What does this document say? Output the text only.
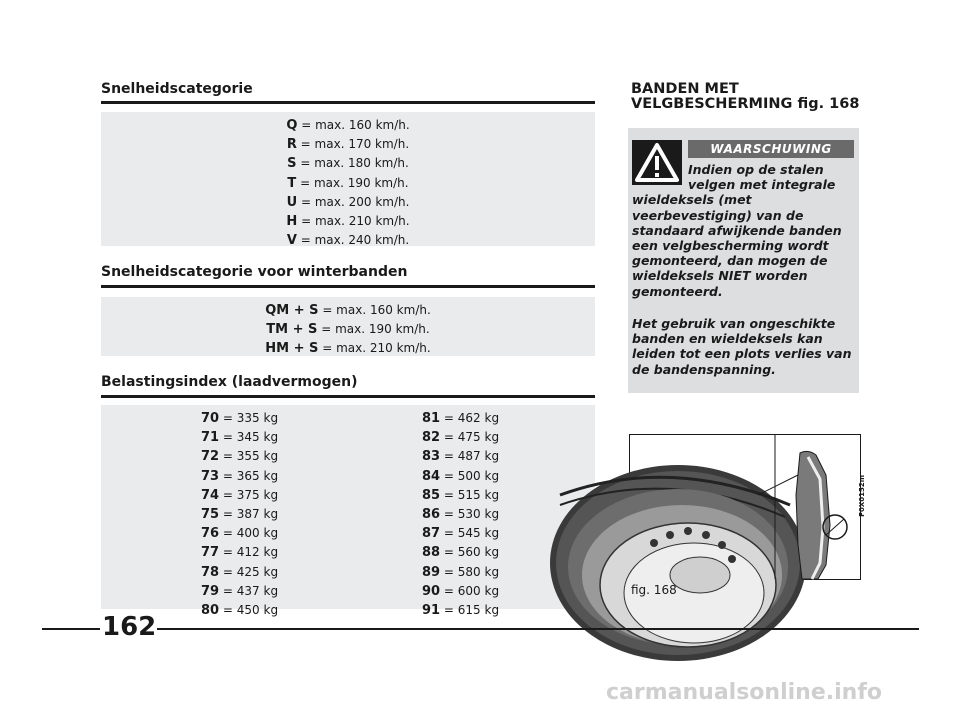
Snelheidscategorie
Q = max. 160 km/h.
R = max. 170 km/h.
S = max. 180 km/h.
T = max. 190 km/h.
U = max. 200 km/h.
H = max. 210 km/h.
V = max. 240 km/h.
Snelheidscategorie voor winterbanden
QM + S = max. 160 km/h.
TM + S = max. 190 km/h.
HM + S = max. 210 km/h.
Belastingsindex (laadvermogen)
70 = 335 kg
71 = 345 kg
72 = 355 kg
73 = 365 kg
74 = 375 kg
75 = 387 kg
76 = 400 kg
77 = 412 kg
78 = 425 kg
79 = 437 kg
80 = 450 kg
81 = 462 kg
82 = 475 kg
83 = 487 kg
84 = 500 kg
85 = 515 kg
86 = 530 kg
87 = 545 kg
88 = 560 kg
89 = 580 kg
90 = 600 kg
91 = 615 kg
BANDEN MET
VELGBESCHERMING fig. 168
WAARSCHUWING
Indien op de stalen
velgen met integrale
wieldeksels (met
veerbevestiging) van de
standaard afwijkende banden
een velgbescherming wordt
gemonteerd, dan mogen de
wieldeksels NIET worden
gemonteerd.
Het gebruik van ongeschikte
banden en wieldeksels kan
leiden tot een plots verlies van
de bandenspanning.
F0X0152m
fig. 168
162
carmanualsonline.info
